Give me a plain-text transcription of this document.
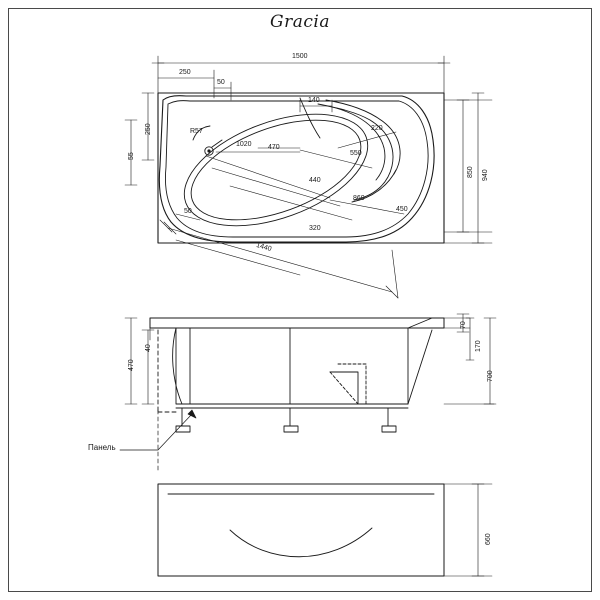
Gracia
1500
250
50
140
250
55
R57
1020 470
550
220
440
860
450
320
50
1440
850 940
40
470
70
170
700
660
Панель
